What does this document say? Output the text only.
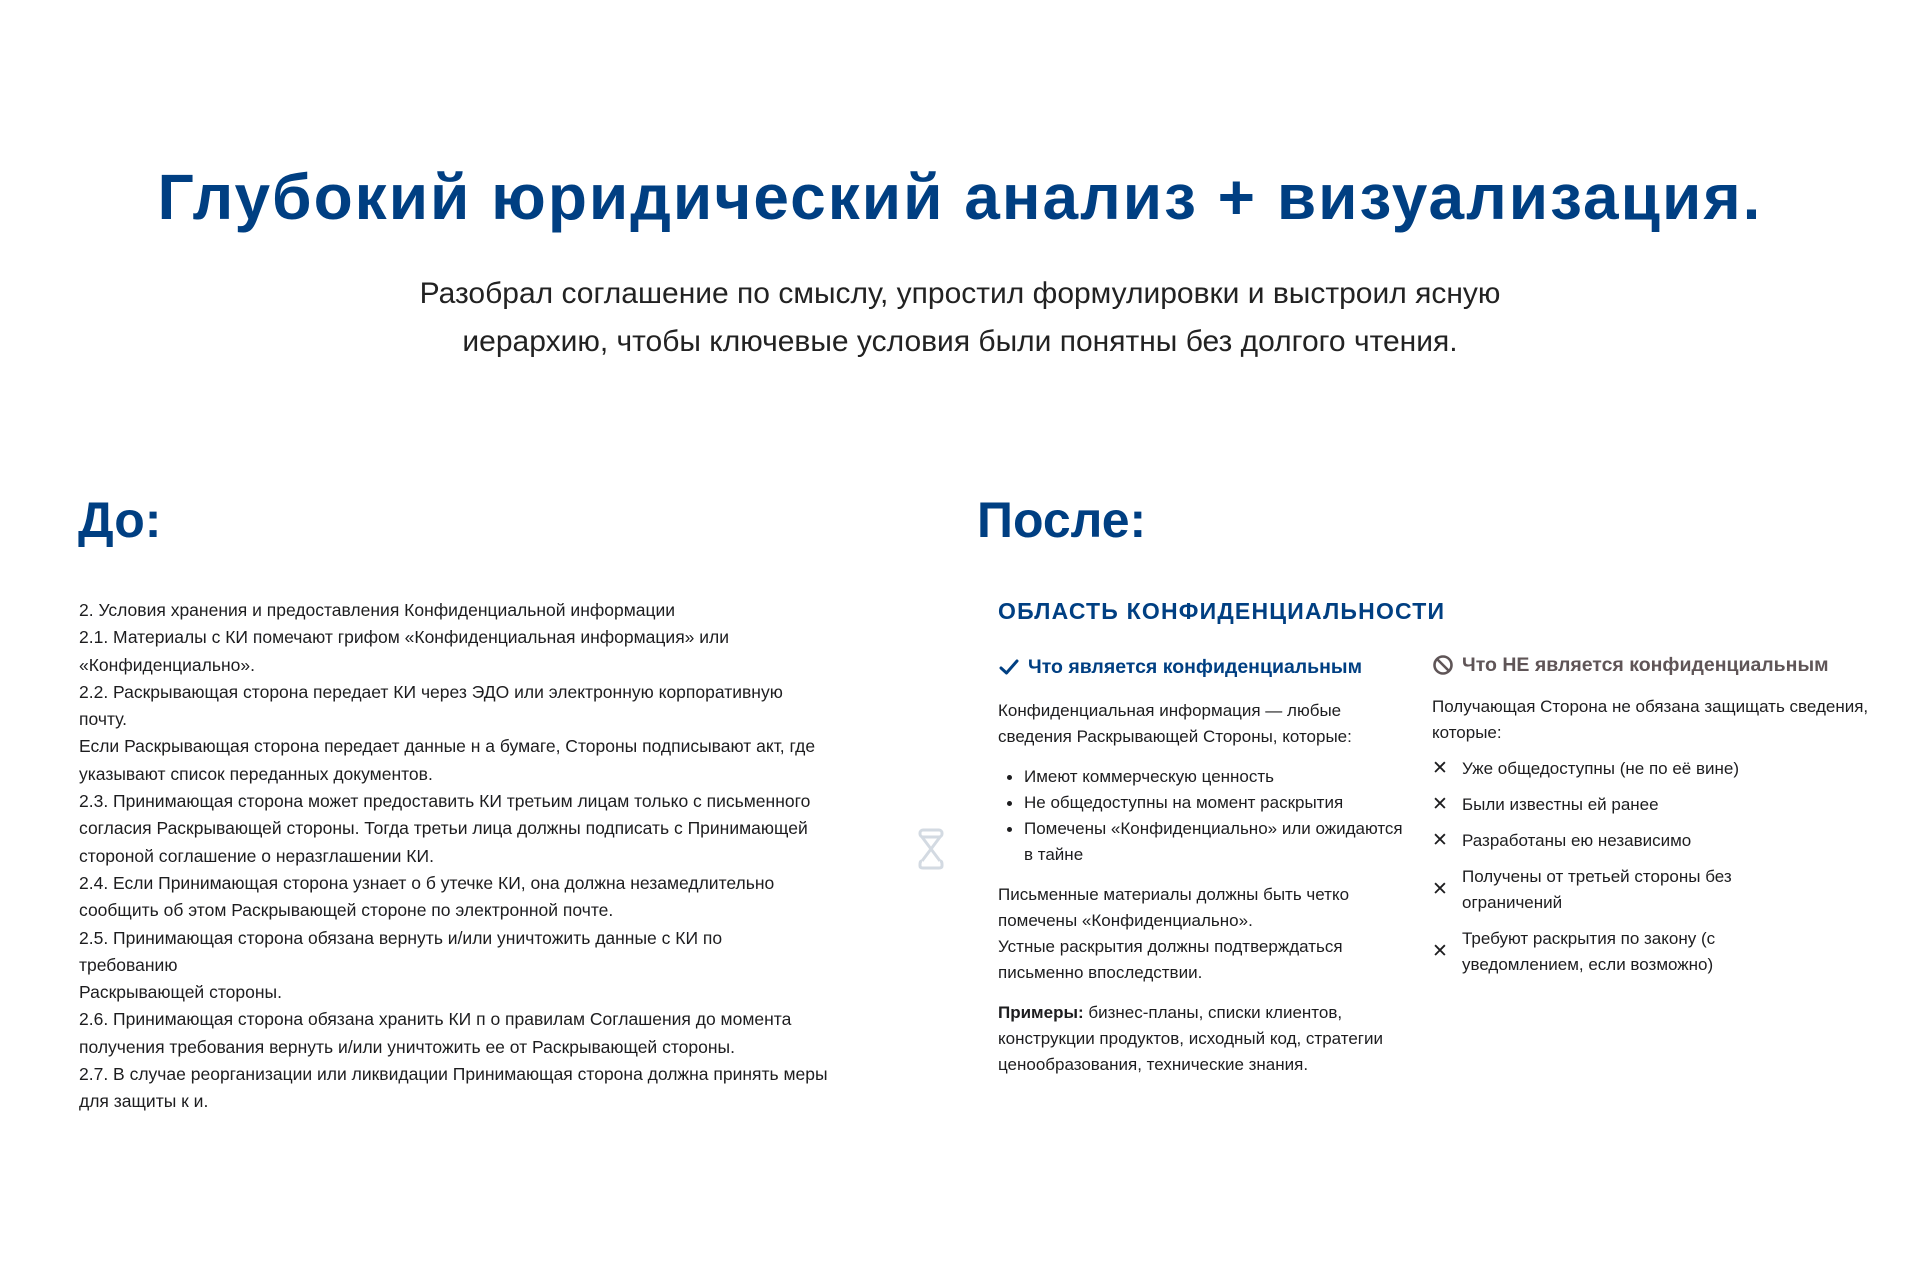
Глубокий юридический анализ + визуализация.

Разобрал соглашение по смыслу, упростил формулировки и выстроил ясную
иерархию, чтобы ключевые условия были понятны без долгого чтения.

До:	После:
2. Условия хранения и предоставления Конфиденциальной информации
2.1. Материалы с КИ помечают грифом «Конфиденциальная информация» или
«Конфиденциально».
2.2. Раскрывающая сторона передает КИ через ЭДО или электронную корпоративную
почту.
Если Раскрывающая сторона передает данные н а бумаге, Стороны подписывают акт, где
указывают список переданных документов.
2.3. Принимающая сторона может предоставить КИ третьим лицам только с письменного
согласия Раскрывающей стороны. Тогда третьи лица должны подписать с Принимающей
стороной соглашение о неразглашении КИ.
2.4. Если Принимающая сторона узнает о б утечке КИ, она должна незамедлительно
сообщить об этом Раскрывающей стороне по электронной почте.
2.5. Принимающая сторона обязана вернуть и/или уничтожить данные с КИ по
требованию
Раскрывающей стороны.
2.6. Принимающая сторона обязана хранить КИ п о правилам Соглашения до момента
получения требования вернуть и/или уничтожить ее от Раскрывающей стороны.
2.7. В случае реорганизации или ликвидации Принимающая сторона должна принять меры
для защиты к и.
ОБЛАСТЬ КОНФИДЕНЦИАЛЬНОСТИ
Что является конфиденциальным

Конфиденциальная информация — любые сведения Раскрывающей Стороны, которые:

Имеют коммерческую ценность
Не общедоступны на момент раскрытия
Помечены «Конфиденциально» или ожидаются в тайне

Письменные материалы должны быть четко помечены «Конфиденциально».

Устные раскрытия должны подтверждаться письменно впоследствии.

Примеры: бизнес-планы, списки клиентов, конструкции продуктов, исходный код, стратегии ценообразования, технические знания.

Что НЕ является конфиденциальным

Получающая Сторона не обязана защищать сведения, которые:

✕ Уже общедоступны (не по её вине)
✕ Были известны ей ранее
✕ Разработаны ею независимо
✕
Получены от третьей стороны без ограничений
✕
Требуют раскрытия по закону (с уведомлением, если возможно)
